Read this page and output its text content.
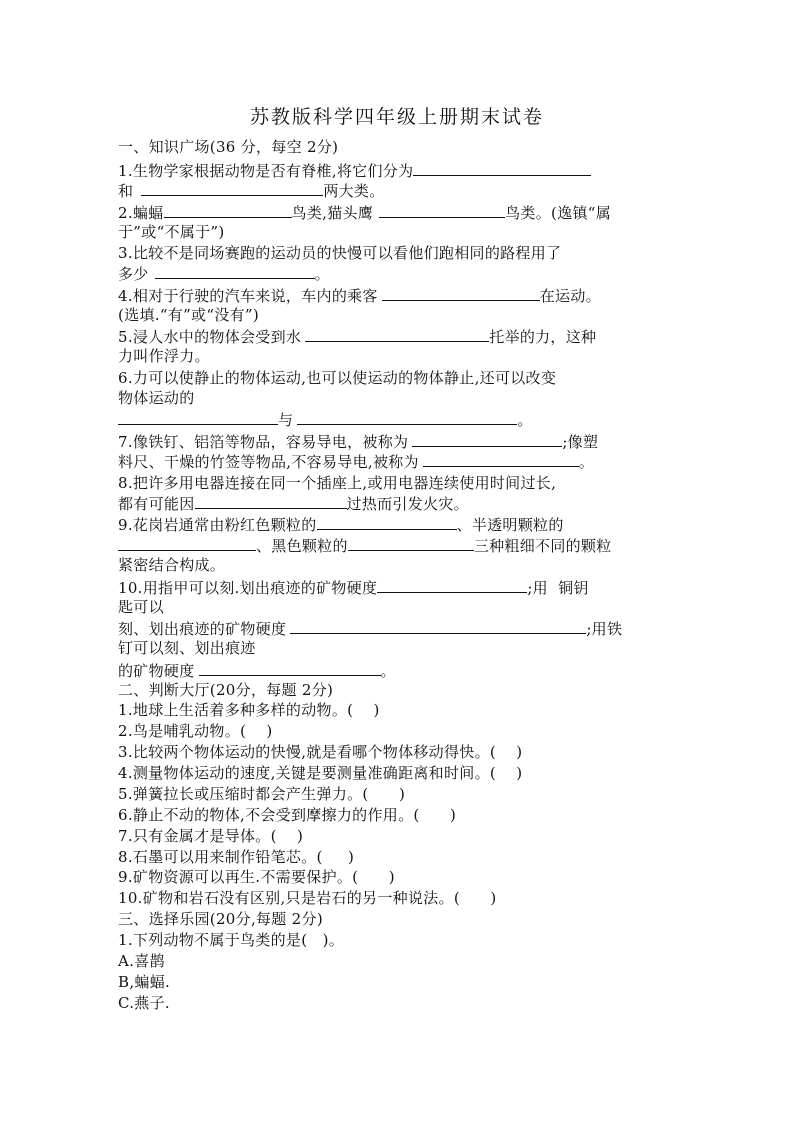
苏教版科学四年级上册期末试卷
一、知识广场(36 分，每空 2分)
1.生物学家根据动物是否有脊椎,将它们分为
和	两大类。
2.蝙蝠	鸟类,猫头鹰	鸟类。(逸镇“属
于”或“不属于”)
3.比较不是同场赛跑的运动员的快慢可以看他们跑相同的路程用了
多少	。
4.相对于行驶的汽车来说，车内的乘客	在运动。
(选填.“有”或“没有”)
5.浸人水中的物体会受到水	托举的力，这种
力叫作浮力。
6.力可以使静止的物体运动,也可以使运动的物体静止,还可以改变
物体运动的
与	。
7.像铁钉、铝箔等物品，容易导电，被称为	;像塑
料尺、干燥的竹签等物品,不容易导电,被称为	。
8.把许多用电器连接在同一个插座上,或用电器连续使用时间过长,
都有可能因	过热而引发火灾。
9.花岗岩通常由粉红色颗粒的	、半透明颗粒的
、黑色颗粒的	三种粗细不同的颗粒
紧密结合构成。
10.用指甲可以刻.划出痕迹的矿物硬度	;用  铜钥
匙可以
刻、划出痕迹的矿物硬度	;用铁
钉可以刻、划出痕迹
的矿物硬度	。
二、判断大厅(20分，每题 2分)
1.地球上生活着多种多样的动物。(    )
2.鸟是哺乳动物。(    )
3.比较两个物体运动的快慢,就是看哪个物体移动得快。(    )
4.测量物体运动的速度,关键是要测量准确距离和时间。(    )
5.弹簧拉长或压缩时都会产生弹力。(      )
6.静止不动的物体,不会受到摩擦力的作用。(      )
7.只有金属才是导体。(    )
8.石墨可以用来制作铅笔芯。(     )
9.矿物资源可以再生.不需要保护。(      )
10.矿物和岩石没有区别,只是岩石的另一种说法。(      )
三、选择乐园(20分,每题 2分)
1.下列动物不属于鸟类的是(   )。
A.喜鹊
B,蝙蝠.
C.燕子.
